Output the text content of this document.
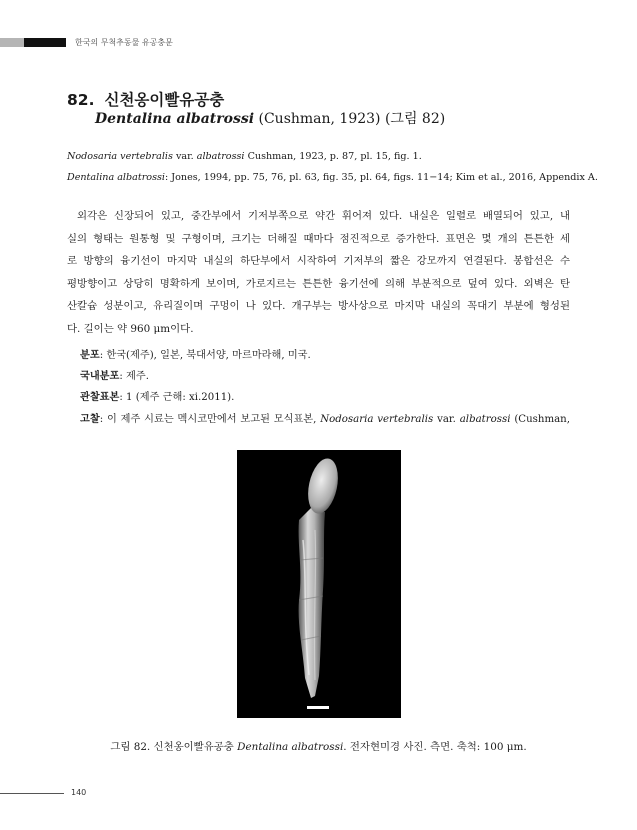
한국의 무척추동물 유공충문
82. 신천옹이빨유공충
Dentalina albatrossi (Cushman, 1923) (그림 82)
Nodosaria vertebralis var. albatrossi Cushman, 1923, p. 87, pl. 15, fig. 1.
Dentalina albatrossi: Jones, 1994, pp. 75, 76, pl. 63, fig. 35, pl. 64, figs. 11−14; Kim et al., 2016, Appendix A.
외각은 신장되어 있고, 중간부에서 기저부쪽으로 약간 휘어져 있다. 내실은 일렬로 배열되어 있고, 내
실의 형태는 원통형 및 구형이며, 크기는 더해질 때마다 점진적으로 증가한다. 표면은 몇 개의 튼튼한 세
로 방향의 융기선이 마지막 내실의 하단부에서 시작하여 기저부의 짧은 강모까지 연결된다. 봉합선은 수
평방향이고 상당히 명확하게 보이며, 가로지르는 튼튼한 융기선에 의해 부분적으로 덮여 있다. 외벽은 탄
산칼슘 성분이고, 유리질이며 구멍이 나 있다. 개구부는 방사상으로 마지막 내실의 꼭대기 부분에 형성된
다. 길이는 약 960 μm이다.
분포: 한국(제주), 일본, 북대서양, 마르마라해, 미국.
국내분포: 제주.
관찰표본: 1 (제주 근해: xi.2011).
고찰: 이 제주 시료는 멕시코만에서 보고된 모식표본, Nodosaria vertebralis var. albatrossi (Cushman,
그림 82. 신천옹이빨유공충 Dentalina albatrossi. 전자현미경 사진. 측면. 축척: 100 μm.
140
